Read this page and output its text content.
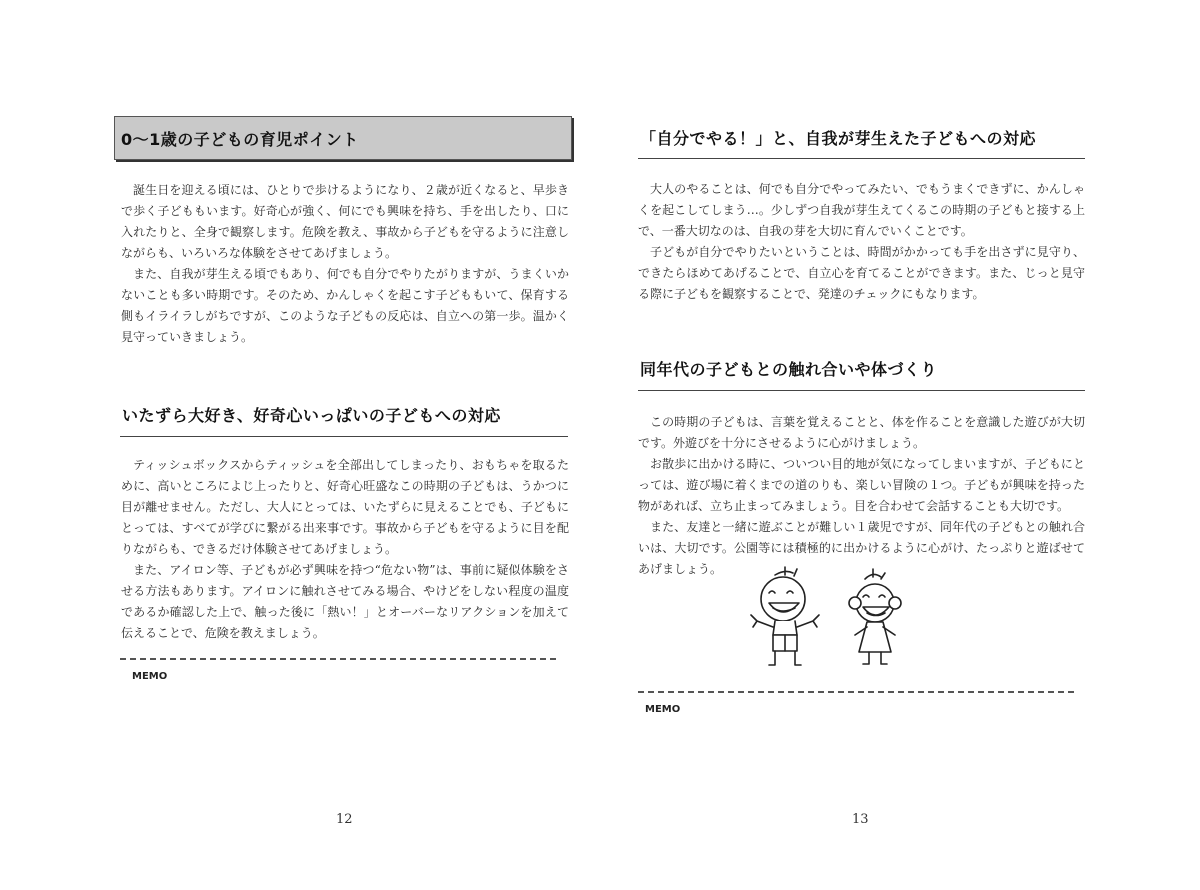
0～1歳の子どもの育児ポイント

誕生日を迎える頃には、ひとりで歩けるようになり、２歳が近くなると、早歩きで歩く子どももいます。好奇心が強く、何にでも興味を持ち、手を出したり、口に入れたりと、全身で観察します。危険を教え、事故から子どもを守るように注意しながらも、いろいろな体験をさせてあげましょう。

また、自我が芽生える頃でもあり、何でも自分でやりたがりますが、うまくいかないことも多い時期です。そのため、かんしゃくを起こす子どももいて、保育する側もイライラしがちですが、このような子どもの反応は、自立への第一歩。温かく見守っていきましょう。

いたずら大好き、好奇心いっぱいの子どもへの対応

ティッシュボックスからティッシュを全部出してしまったり、おもちゃを取るために、高いところによじ上ったりと、好奇心旺盛なこの時期の子どもは、うかつに目が離せません。ただし、大人にとっては、いたずらに見えることでも、子どもにとっては、すべてが学びに繋がる出来事です。事故から子どもを守るように目を配りながらも、できるだけ体験させてあげましょう。

また、アイロン等、子どもが必ず興味を持つ“危ない物”は、事前に疑似体験をさせる方法もあります。アイロンに触れさせてみる場合、やけどをしない程度の温度であるか確認した上で、触った後に「熱い！」とオーバーなリアクションを加えて伝えることで、危険を教えましょう。

MEMO
12
「自分でやる！」と、自我が芽生えた子どもへの対応

大人のやることは、何でも自分でやってみたい、でもうまくできずに、かんしゃくを起こしてしまう…。少しずつ自我が芽生えてくるこの時期の子どもと接する上で、一番大切なのは、自我の芽を大切に育んでいくことです。

子どもが自分でやりたいということは、時間がかかっても手を出さずに見守り、できたらほめてあげることで、自立心を育てることができます。また、じっと見守る際に子どもを観察することで、発達のチェックにもなります。

同年代の子どもとの触れ合いや体づくり

この時期の子どもは、言葉を覚えることと、体を作ることを意識した遊びが大切です。外遊びを十分にさせるように心がけましょう。

お散歩に出かける時に、ついつい目的地が気になってしまいますが、子どもにとっては、遊び場に着くまでの道のりも、楽しい冒険の１つ。子どもが興味を持った物があれば、立ち止まってみましょう。目を合わせて会話することも大切です。

また、友達と一緒に遊ぶことが難しい１歳児ですが、同年代の子どもとの触れ合いは、大切です。公園等には積極的に出かけるように心がけ、たっぷりと遊ばせてあげましょう。

MEMO
13
